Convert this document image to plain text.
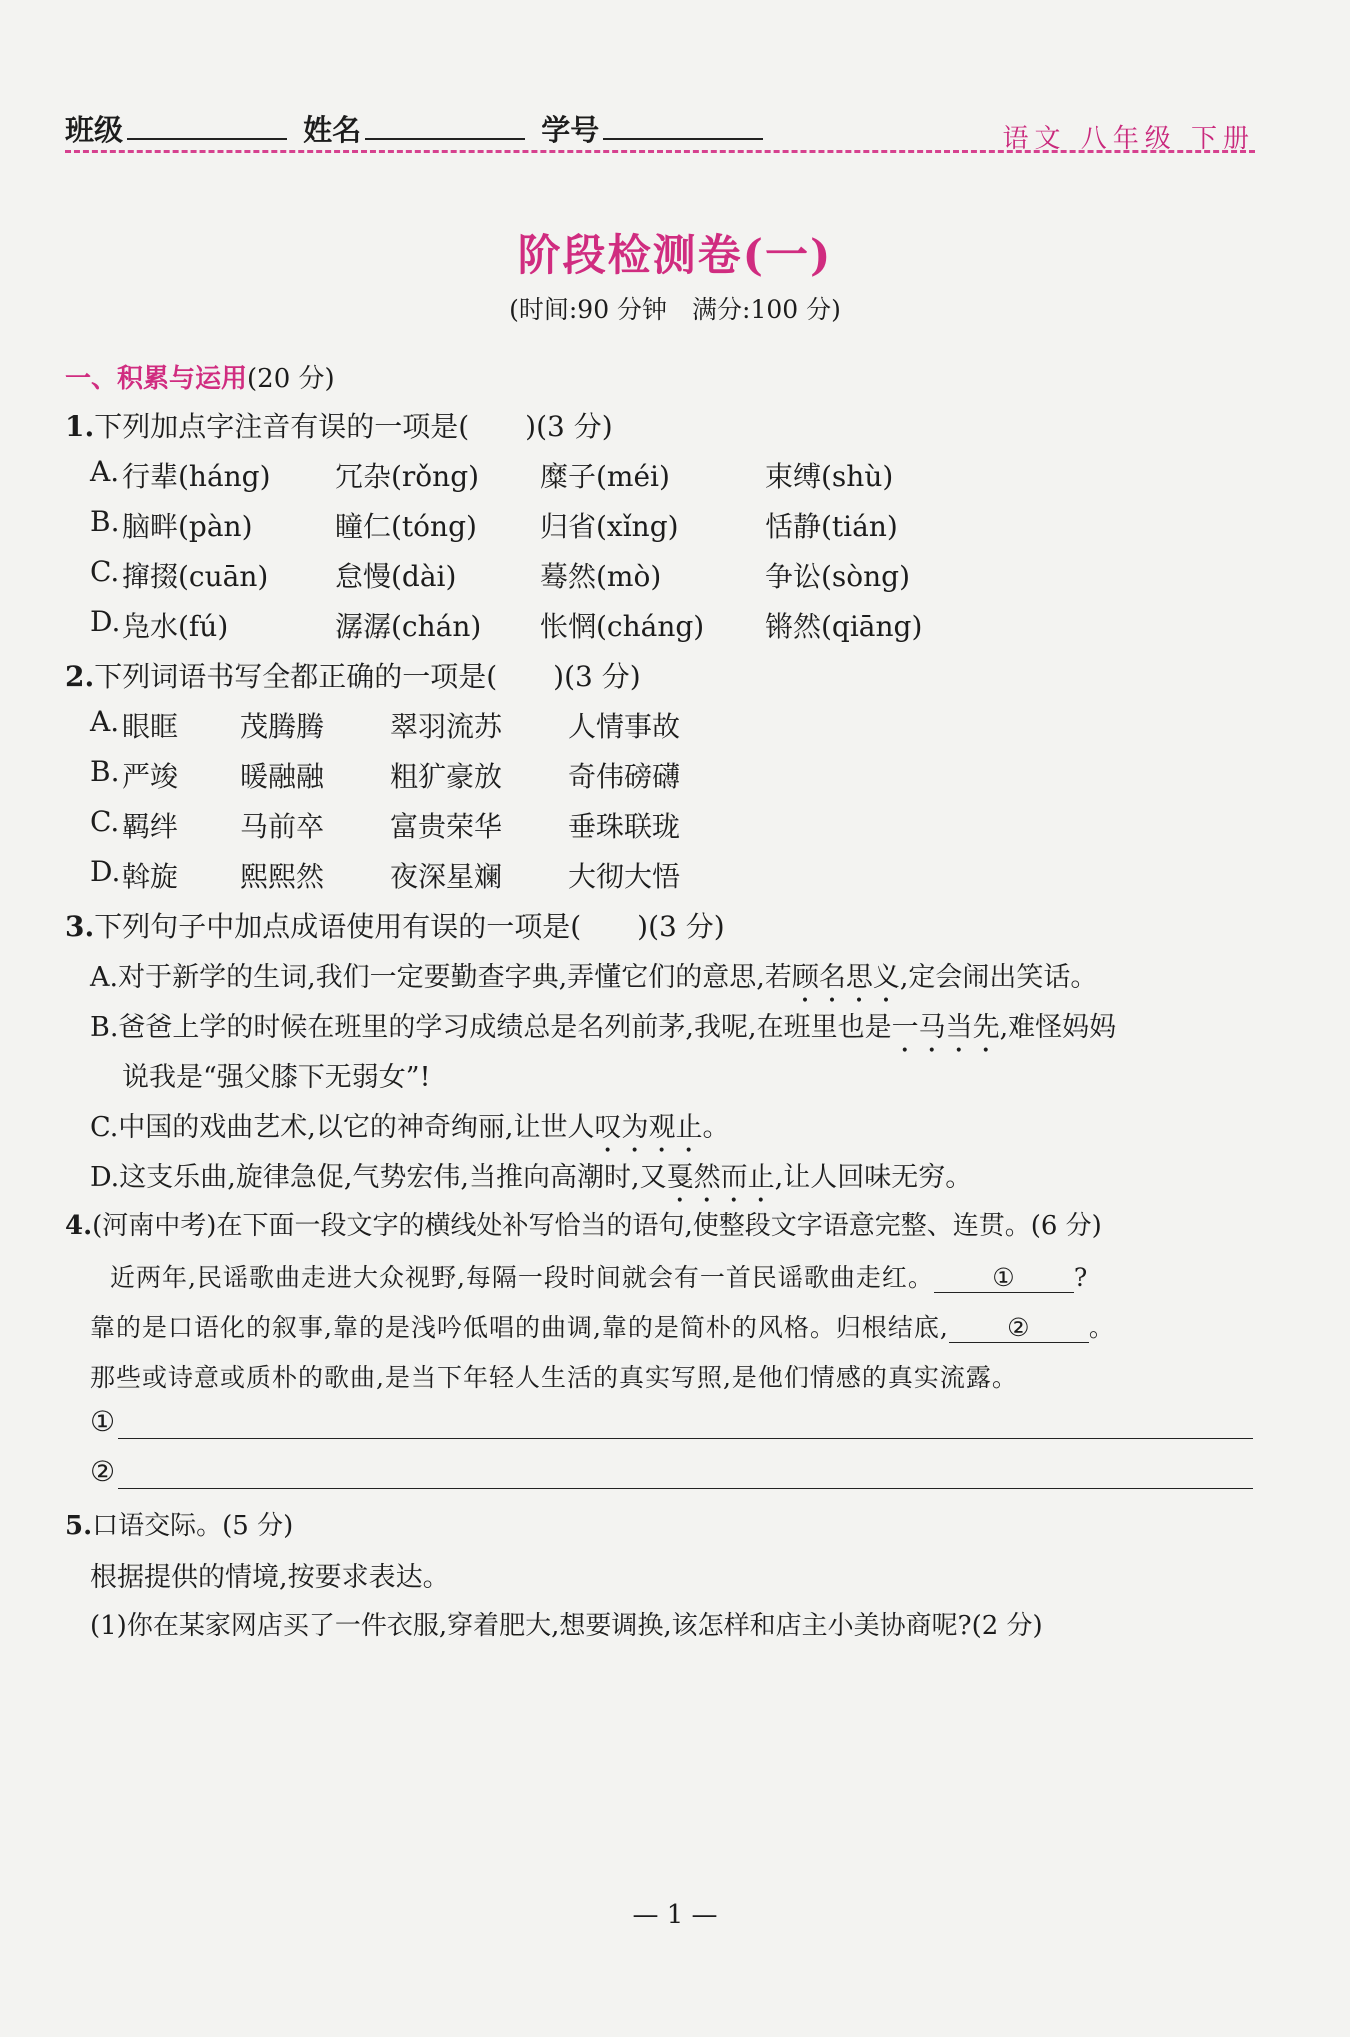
班级	姓名	学号	语文 八年级 下册
阶段检测卷(一)
(时间:90 分钟　满分:100 分)
一、积累与运用(20 分)
1.下列加点字注音有误的一项是( )(3 分)
A. 行辈(háng) 冗杂(rǒng) 糜子(méi)	束缚(shù)
B. 脑畔(pàn)	瞳仁(tóng) 归省(xǐng)	恬静(tián)
C. 撺掇(cuān) 怠慢(dài)	蓦然(mò)	争讼(sòng)
D. 凫水(fú)	潺潺(chán) 怅惘(cháng) 锵然(qiāng)
2.下列词语书写全都正确的一项是( )(3 分)
A. 眼眶 茂腾腾 翠羽流苏 人情事故
B. 严竣 暖融融 粗犷豪放 奇伟磅礴
C. 羁绊 马前卒 富贵荣华 垂珠联珑
D. 斡旋 熙熙然 夜深星斓 大彻大悟
3.下列句子中加点成语使用有误的一项是( )(3 分)
A.对于新学的生词,我们一定要勤查字典,弄懂它们的意思,若顾名思义,定会闹出笑话。
B.爸爸上学的时候在班里的学习成绩总是名列前茅,我呢,在班里也是一马当先,难怪妈妈
说我是“强父膝下无弱女”!
C.中国的戏曲艺术,以它的神奇绚丽,让世人叹为观止。
D.这支乐曲,旋律急促,气势宏伟,当推向高潮时,又戛然而止,让人回味无穷。
4.(河南中考)在下面一段文字的横线处补写恰当的语句,使整段文字语意完整、连贯。(6 分)
近两年,民谣歌曲走进大众视野,每隔一段时间就会有一首民谣歌曲走红。 ① ?
靠的是口语化的叙事,靠的是浅吟低唱的曲调,靠的是简朴的风格。归根结底, ② 。
那些或诗意或质朴的歌曲,是当下年轻人生活的真实写照,是他们情感的真实流露。
①
②
5.口语交际。(5 分)
根据提供的情境,按要求表达。
(1)你在某家网店买了一件衣服,穿着肥大,想要调换,该怎样和店主小美协商呢?(2 分)
— 1 —
